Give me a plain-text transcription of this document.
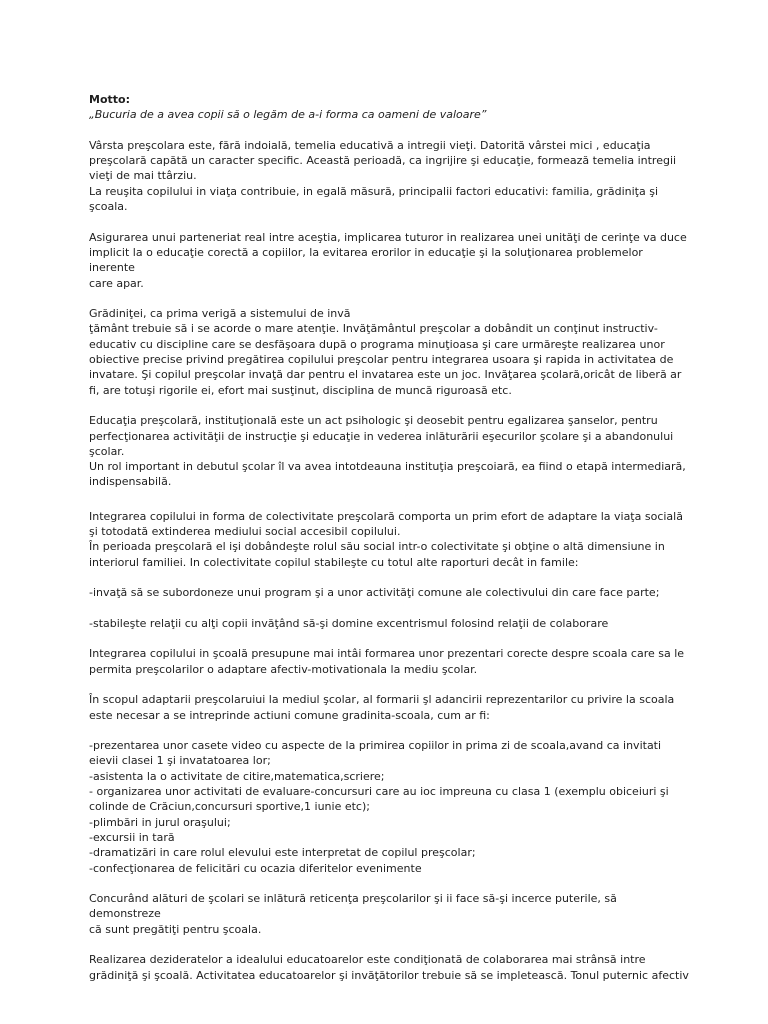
Motto:

„Bucuria de a avea copii să o legăm de a-i forma ca oameni de valoare”

Vârsta preşcolara este, fără indoială, temelia educativă a intregii vieţi. Datorită vârstei mici , educaţia
preşcolară capătă un caracter specific. Această perioadă, ca ingrijire şi educaţie, formează temelia intregii
vieţi de mai ttârziu.
La reuşita copilului in viaţa contribuie, in egală măsură, principalii factori educativi: familia, grădiniţa şi
şcoala.

Asigurarea unui parteneriat real intre aceştia, implicarea tuturor in realizarea unei unităţi de cerinţe va duce
implicit la o educaţie corectă a copiilor, la evitarea erorilor in educaţie şi la soluţionarea problemelor inerente
care apar.

Grădiniţei, ca prima verigă a sistemului de invă
ţământ trebuie să i se acorde o mare atenţie. Invăţământul preşcolar a dobândit un conţinut instructiv-
educativ cu discipline care se desfăşoara după o programa minuţioasa şi care urmăreşte realizarea unor
obiective precise privind pregătirea copilului preşcolar pentru integrarea usoara şi rapida in activitatea de
invatare. Şi copilul preşcolar invaţă dar pentru el invatarea este un joc. Invăţarea şcolară,oricât de liberă ar
fi, are totuşi rigorile ei, efort mai susţinut, disciplina de muncă riguroasă etc.

Educaţia preşcolară, instituţională este un act psihologic şi deosebit pentru egalizarea şanselor, pentru
perfecţionarea activităţii de instrucţie şi educaţie in vederea inlăturării eşecurilor şcolare şi a abandonului
şcolar.
Un rol important in debutul şcolar îl va avea intotdeauna instituţia preşcoiară, ea fiind o etapă intermediară,
indispensabilă.

Integrarea copilului in forma de colectivitate preşcolară comporta un prim efort de adaptare la viaţa socială
şi totodată extinderea mediului social accesibil copilului.
În perioada preşcolară el işi dobândeşte rolul său social intr-o colectivitate şi obţine o altă dimensiune in
interiorul familiei. In colectivitate copilul stabileşte cu totul alte raporturi decât in famile:

-invaţă să se subordoneze unui program şi a unor activităţi comune ale colectivului din care face parte;

-stabileşte relaţii cu alţi copii invăţând să-şi domine excentrismul folosind relaţii de colaborare

Integrarea copilului in şcoală presupune mai intâi formarea unor prezentari corecte despre scoala care sa le
permita preşcolarilor o adaptare afectiv-motivationala la mediu şcolar.

În scopul adaptarii preşcolaruiui la mediul şcolar, al formarii şl adancirii reprezentarilor cu privire la scoala
este necesar a se intreprinde actiuni comune gradinita-scoala, cum ar fi:

-prezentarea unor casete video cu aspecte de la primirea copiilor in prima zi de scoala,avand ca invitati
eievii clasei 1 şi invatatoarea lor;
-asistenta la o activitate de citire,matematica,scriere;
- organizarea unor activitati de evaluare-concursuri care au ioc impreuna cu clasa 1 (exemplu obiceiuri şi
colinde de Crăciun,concursuri sportive,1 iunie etc);
-plimbări in jurul oraşului;
-excursii in tară
-dramatizări in care rolul elevului este interpretat de copilul preşcolar;
-confecţionarea de felicitări cu ocazia diferitelor evenimente

Concurând alături de şcolari se inlătură reticenţa preşcolarilor şi ii face să-şi incerce puterile, să demonstreze
că sunt pregătiţi pentru şcoala.

Realizarea dezideratelor a idealului educatoarelor este condiţionată de colaborarea mai strânsă intre
grădiniţă şi şcoală. Activitatea educatoarelor şi invăţătorilor trebuie să se impletească. Tonul puternic afectiv
